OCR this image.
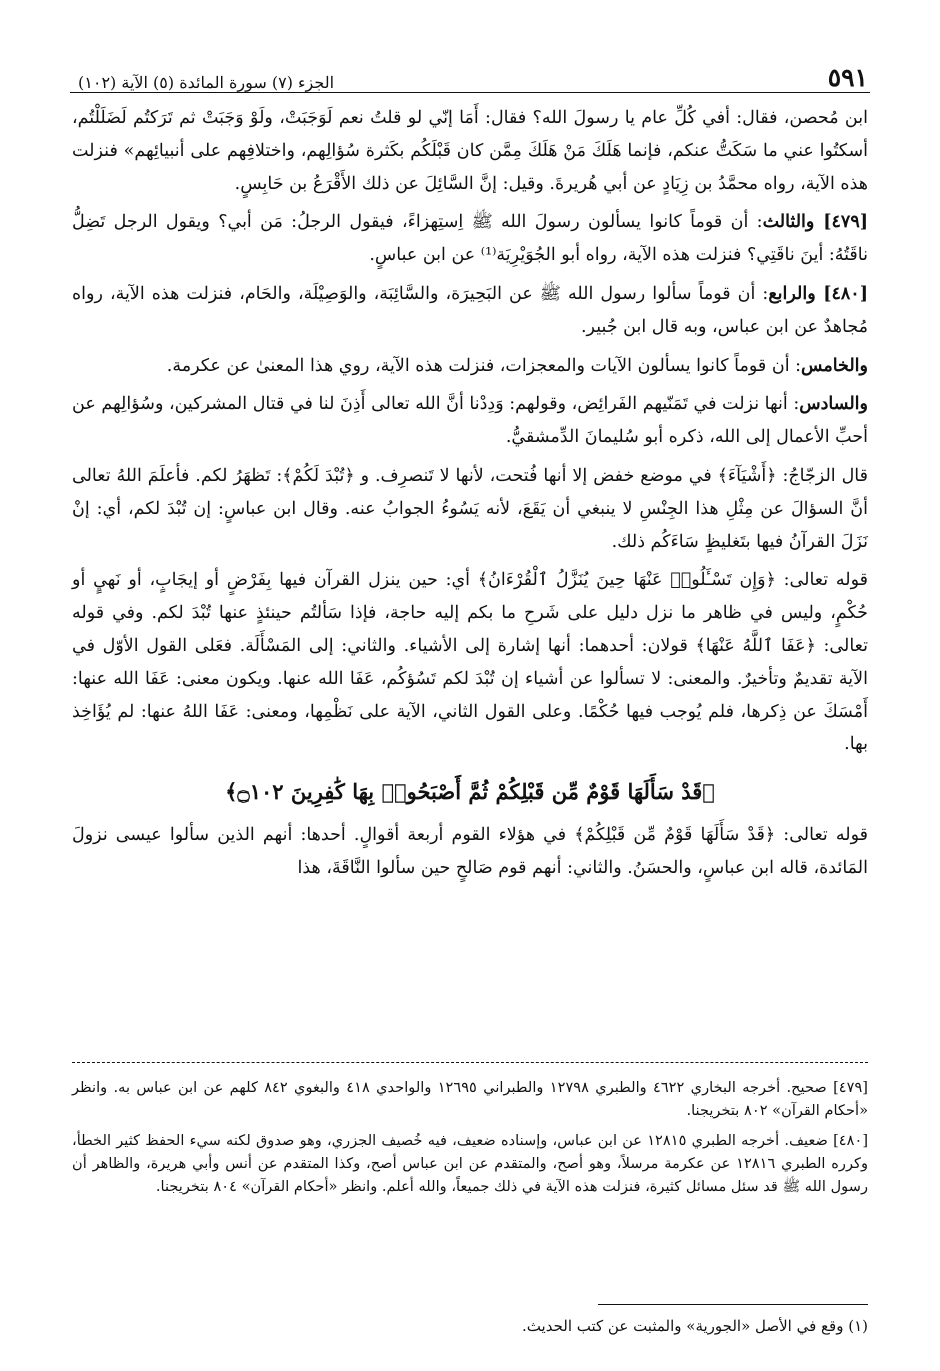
٥٩١
الجزء (٧) سورة المائدة (٥) الآية (١٠٢)

ابن مُحصن، فقال: أفي كُلِّ عام يا رسولَ الله؟ فقال: أَمَا إنّي لو قلتُ نعم لَوَجَبَتْ، ولَوْ وَجَبَتْ ثم تَرَكتُم لَضَلَلْتُم، أسكتُوا عني ما سَكَتُّ عنكم، فإنما هَلَكَ مَنْ هَلَكَ مِمَّن كان قَبْلَكُم بكَثرة سُؤالِهم، واختلافِهم على أنبيائِهم» فنزلت هذه الآية، رواه محمَّدُ بن زِيَادٍ عن أبي هُريرةَ. وقيل: إنَّ السَّائِلَ عن ذلك الأَقْرَعُ بن حَابِسٍ.

[٤٧٩] والثالث: أن قوماً كانوا يسألون رسولَ الله ﷺ اِستِهزاءً، فيقول الرجلُ: مَن أبي؟ ويقول الرجل تَضِلُّ ناقَتُهُ: أينَ ناقَتِي؟ فنزلت هذه الآية، رواه أبو الجُوَيْرِيَة⁽¹⁾ عن ابن عباسٍ.

[٤٨٠] والرابع: أن قوماً سألوا رسول الله ﷺ عن البَحِيرَة، والسَّائِبَة، والوَصِيْلَة، والحَام، فنزلت هذه الآية، رواه مُجاهدٌ عن ابن عباس، وبه قال ابن جُبير.

والخامس: أن قوماً كانوا يسألون الآيات والمعجزات، فنزلت هذه الآية، روي هذا المعنىٰ عن عكرمة.

والسادس: أنها نزلت في تَمَنّيهم الفَرائِض، وقولهم: وَدِدْنا أنَّ الله تعالى أَذِنَ لنا في قتال المشركين، وسُؤالِهم عن أحبِّ الأعمال إلى الله، ذكره أبو سُليمانَ الدِّمشقيُّ.

قال الزجّاجُ: ﴿أَشْيَآءَ﴾ في موضع خفض إلا أنها فُتحت، لأنها لا تَنصرِف. و ﴿تُبْدَ لَكُمْ﴾: تَظهَرُ لكم. فأعلَمَ اللهُ تعالى أنَّ السؤالَ عن مِثْلِ هذا الجِنْسِ لا ينبغي أن يَقَعَ، لأنه يَسُوءُ الجوابُ عنه. وقال ابن عباسٍ: إن تُبْدَ لكم، أي: إنْ نَزَلَ القرآنُ فيها بتَغليظٍ سَاءَكُم ذلك.

قوله تعالى: ﴿وَإِن تَسْـَٔلُوا۟ عَنْهَا حِينَ يُنَزَّلُ ٱلْقُرْءَانُ﴾ أي: حين ينزل القرآن فيها بِفَرْضٍ أو إيجَابٍ، أو نَهيٍ أو حُكْمٍ، وليس في ظاهر ما نزل دليل على شَرحِ ما بكم إليه حاجة، فإذا سَألتُم حينئذٍ عنها تُبْدَ لكم. وفي قوله تعالى: ﴿عَفَا ٱللَّهُ عَنْهَا﴾ قولان: أحدهما: أنها إشارة إلى الأشياء. والثاني: إلى المَسْأَلَة. فعَلى القول الأوّل في الآية تقديمٌ وتأخيرٌ. والمعنى: لا تسألوا عن أشياء إن تُبْدَ لكم تَسُؤكُم، عَفَا الله عنها. ويكون معنى: عَفَا الله عنها: أَمْسَكَ عن ذِكرها، فلم يُوجب فيها حُكْمًا. وعلى القول الثاني، الآية على نَظْمِها، ومعنى: عَفَا اللهُ عنها: لم يُؤَاخِذ بها.

﴿قَدْ سَأَلَهَا قَوْمٌ مِّن قَبْلِكُمْ ثُمَّ أَصْبَحُوا۟ بِهَا كَٰفِرِينَ ۝١٠٢﴾

قوله تعالى: ﴿قَدْ سَأَلَهَا قَوْمٌ مِّن قَبْلِكُمْ﴾ في هؤلاء القوم أربعة أقوالٍ. أحدها: أنهم الذين سألوا عيسى نزولَ المَائدة، قاله ابن عباسٍ، والحسَنُ. والثاني: أنهم قوم صَالحٍ حين سألوا النَّاقَةَ، هذا

[٤٧٩] صحيح. أخرجه البخاري ٤٦٢٢ والطبري ١٢٧٩٨ والطبراني ١٢٦٩٥ والواحدي ٤١٨ والبغوي ٨٤٢ كلهم عن ابن عباس به. وانظر «أحكام القرآن» ٨٠٢ بتخريجنا.

[٤٨٠] ضعيف. أخرجه الطبري ١٢٨١٥ عن ابن عباس، وإسناده ضعيف، فيه خُصيف الجزري، وهو صدوق لكنه سيء الحفظ كثير الخطأ، وكرره الطبري ١٢٨١٦ عن عكرمة مرسلاً، وهو أصح، والمتقدم عن ابن عباس أصح، وكذا المتقدم عن أنس وأبي هريرة، والظاهر أن رسول الله ﷺ قد سئل مسائل كثيرة، فنزلت هذه الآية في ذلك جميعاً، والله أعلم. وانظر «أحكام القرآن» ٨٠٤ بتخريجنا.

(١) وقع في الأصل «الجورية» والمثبت عن كتب الحديث.
